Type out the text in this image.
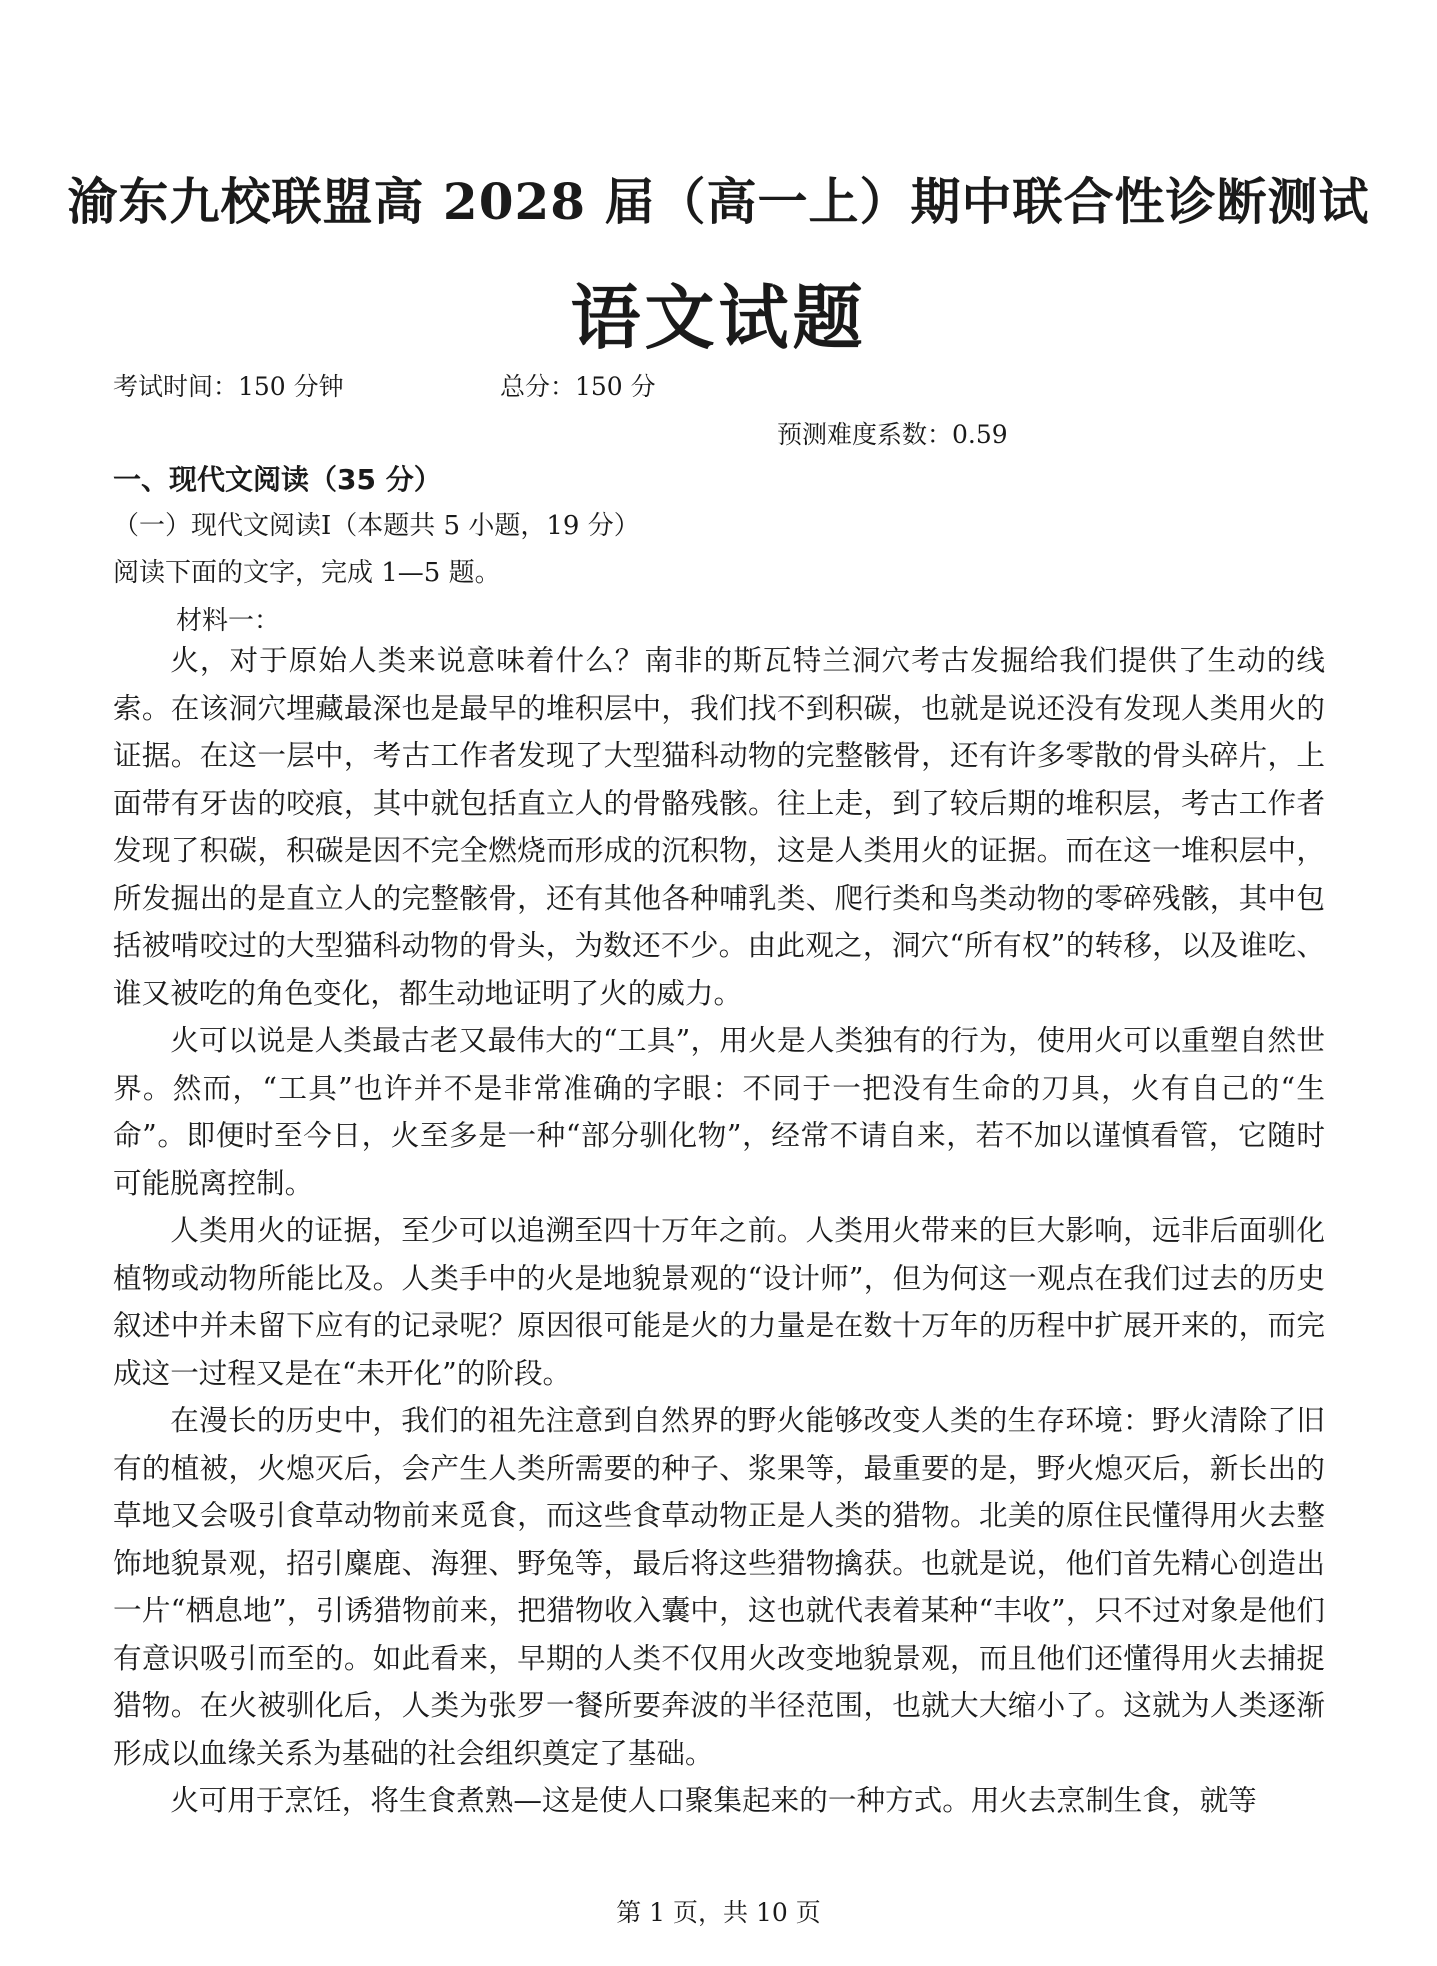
渝东九校联盟高 2028 届（高一上）期中联合性诊断测试
语文试题
考试时间：150 分钟	总分：150 分
预测难度系数：0.59
一、现代文阅读（35 分）
（一）现代文阅读Ⅰ（本题共 5 小题，19 分）
阅读下面的文字，完成 1—5 题。
材料一：

火，对于原始人类来说意味着什么？南非的斯瓦特兰洞穴考古发掘给我们提供了生动的线索。在该洞穴埋藏最深也是最早的堆积层中，我们找不到积碳，也就是说还没有发现人类用火的证据。在这一层中，考古工作者发现了大型猫科动物的完整骸骨，还有许多零散的骨头碎片，上面带有牙齿的咬痕，其中就包括直立人的骨骼残骸。往上走，到了较后期的堆积层，考古工作者发现了积碳，积碳是因不完全燃烧而形成的沉积物，这是人类用火的证据。而在这一堆积层中，所发掘出的是直立人的完整骸骨，还有其他各种哺乳类、爬行类和鸟类动物的零碎残骸，其中包括被啃咬过的大型猫科动物的骨头，为数还不少。由此观之，洞穴“所有权”的转移，以及谁吃、谁又被吃的角色变化，都生动地证明了火的威力。

火可以说是人类最古老又最伟大的“工具”，用火是人类独有的行为，使用火可以重塑自然世界。然而，“工具”也许并不是非常准确的字眼：不同于一把没有生命的刀具，火有自己的“生命”。即便时至今日，火至多是一种“部分驯化物”，经常不请自来，若不加以谨慎看管，它随时可能脱离控制。

人类用火的证据，至少可以追溯至四十万年之前。人类用火带来的巨大影响，远非后面驯化植物或动物所能比及。人类手中的火是地貌景观的“设计师”，但为何这一观点在我们过去的历史叙述中并未留下应有的记录呢？原因很可能是火的力量是在数十万年的历程中扩展开来的，而完成这一过程又是在“未开化”的阶段。

在漫长的历史中，我们的祖先注意到自然界的野火能够改变人类的生存环境：野火清除了旧有的植被，火熄灭后，会产生人类所需要的种子、浆果等，最重要的是，野火熄灭后，新长出的草地又会吸引食草动物前来觅食，而这些食草动物正是人类的猎物。北美的原住民懂得用火去整饰地貌景观，招引麋鹿、海狸、野兔等，最后将这些猎物擒获。也就是说，他们首先精心创造出一片“栖息地”，引诱猎物前来，把猎物收入囊中，这也就代表着某种“丰收”，只不过对象是他们有意识吸引而至的。如此看来，早期的人类不仅用火改变地貌景观，而且他们还懂得用火去捕捉猎物。在火被驯化后，人类为张罗一餐所要奔波的半径范围，也就大大缩小了。这就为人类逐渐形成以血缘关系为基础的社会组织奠定了基础。

火可用于烹饪，将生食煮熟—这是使人口聚集起来的一种方式。用火去烹制生食，就等

第 1 页，共 10 页
